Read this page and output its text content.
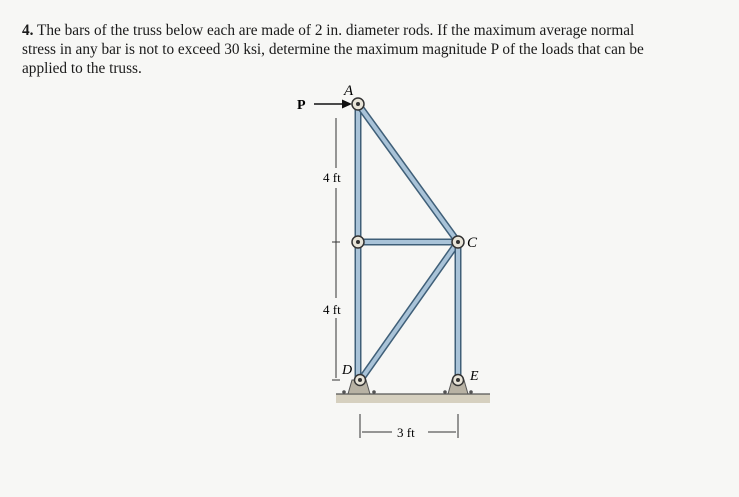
4. The bars of the truss below each are made of 2 in. diameter rods. If the maximum average normal
stress in any bar is not to exceed 30 ksi, determine the maximum magnitude P of the loads that can be
applied to the truss.
P
A
C
D	E
4 ft
4 ft
3 ft
